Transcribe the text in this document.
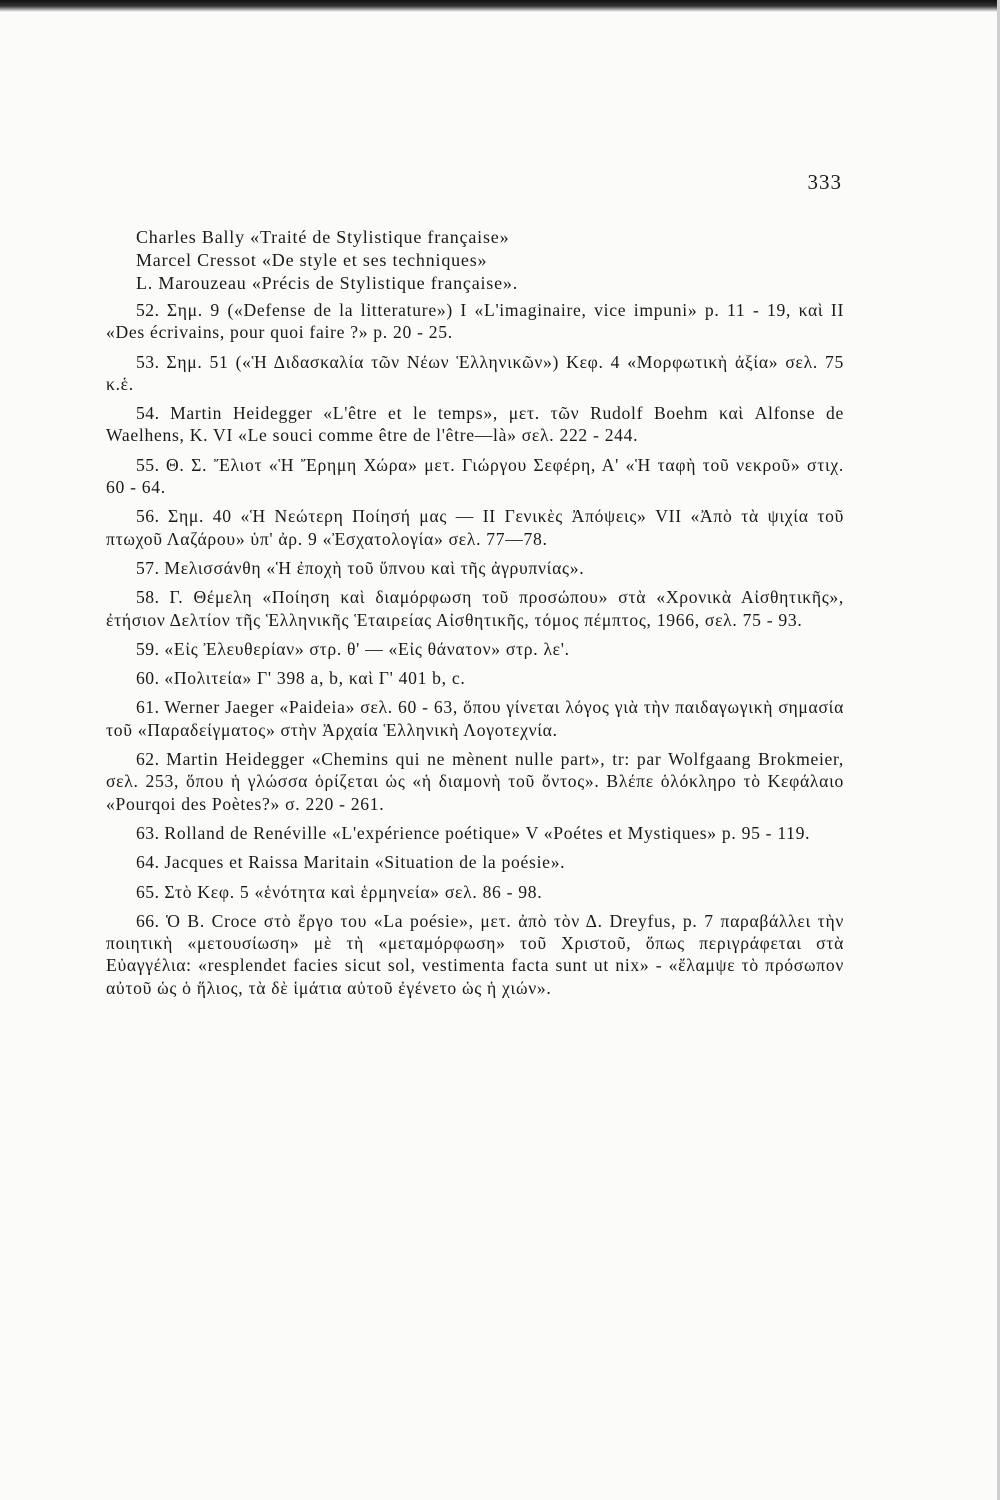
333

Charles Bally «Traité de Stylistique française»

Marcel Cressot «De style et ses techniques»

L. Marouzeau «Précis de Stylistique française».

52 . Σημ. 9 («Defense de la litterature») I «L'imaginaire, vice impuni» p. 11 - 19, καὶ II «Des écrivains, pour quoi faire ?» p. 20 - 25.

53 . Σημ. 51 («Ἡ Διδασκαλία τῶν Νέων Ἑλληνικῶν») Κεφ. 4 «Μορφωτικὴ ἀξία» σελ. 75 κ.ἑ.

54 . Martin Heidegger «L'être et le temps», μετ. τῶν Rudolf Boehm καὶ Alfonse de Waelhens, K. VI «Le souci comme être de l'être—là» σελ. 222 - 244.

55 . Θ. Σ. Ἔλιοτ «Ἡ Ἔρημη Χώρα» μετ. Γιώργου Σεφέρη, Α' «Ἡ ταφὴ τοῦ νεκροῦ» στιχ. 60 - 64.

56 . Σημ. 40 «Ἡ Νεώτερη Ποίησή μας — II Γενικὲς Ἀπόψεις» VII «Ἀπὸ τὰ ψιχία τοῦ πτωχοῦ Λαζάρου» ὑπ' ἀρ. 9 «Ἐσχατολογία» σελ. 77—78.

57 . Μελισσάνθη «Ἡ ἐποχὴ τοῦ ὕπνου καὶ τῆς ἀγρυπνίας».

58 . Γ. Θέμελη «Ποίηση καὶ διαμόρφωση τοῦ προσώπου» στὰ «Χρονικὰ Αἰσθητικῆς», ἐτήσιον Δελτίον τῆς Ἑλληνικῆς Ἑταιρείας Αἰσθητικῆς, τόμος πέμπτος, 1966, σελ. 75 - 93.

59 . «Εἰς Ἐλευθερίαν» στρ. θ' — «Εἰς θάνατον» στρ. λε'.

60 . «Πολιτεία» Γ' 398 a, b, καὶ Γ' 401 b, c.

61 . Werner Jaeger «Paideia» σελ. 60 - 63, ὅπου γίνεται λόγος γιὰ τὴν παιδαγωγικὴ σημασία τοῦ «Παραδείγματος» στὴν Ἀρχαία Ἑλληνικὴ Λογοτεχνία.

62 . Martin Heidegger «Chemins qui ne mènent nulle part», tr: par Wolfgaang Brokmeier, σελ. 253, ὅπου ἡ γλώσσα ὁρίζεται ὡς «ἡ διαμονὴ τοῦ ὄντος». Βλέπε ὁλόκληρο τὸ Κεφάλαιο «Pourqoi des Poètes?» σ. 220 - 261.

63 . Rolland de Renéville «L'expérience poétique» V «Poétes et Mystiques» p. 95 - 119.

64 . Jacques et Raissa Maritain «Situation de la poésie».

65 . Στὸ Κεφ. 5 «ἑνότητα καὶ ἑρμηνεία» σελ. 86 - 98.

66 . Ὁ B. Croce στὸ ἔργο του «La poésie», μετ. ἀπὸ τὸν Δ. Dreyfus, p. 7 παραβάλλει τὴν ποιητικὴ «μετουσίωση» μὲ τὴ «μεταμόρφωση» τοῦ Χριστοῦ, ὅπως περιγράφεται στὰ Εὐαγγέλια: «resplendet facies sicut sol, vestimenta facta sunt ut nix» - «ἔλαμψε τὸ πρόσωπον αὐτοῦ ὡς ὁ ἥλιος, τὰ δὲ ἱμάτια αὐτοῦ ἐγένετο ὡς ἡ χιών».
